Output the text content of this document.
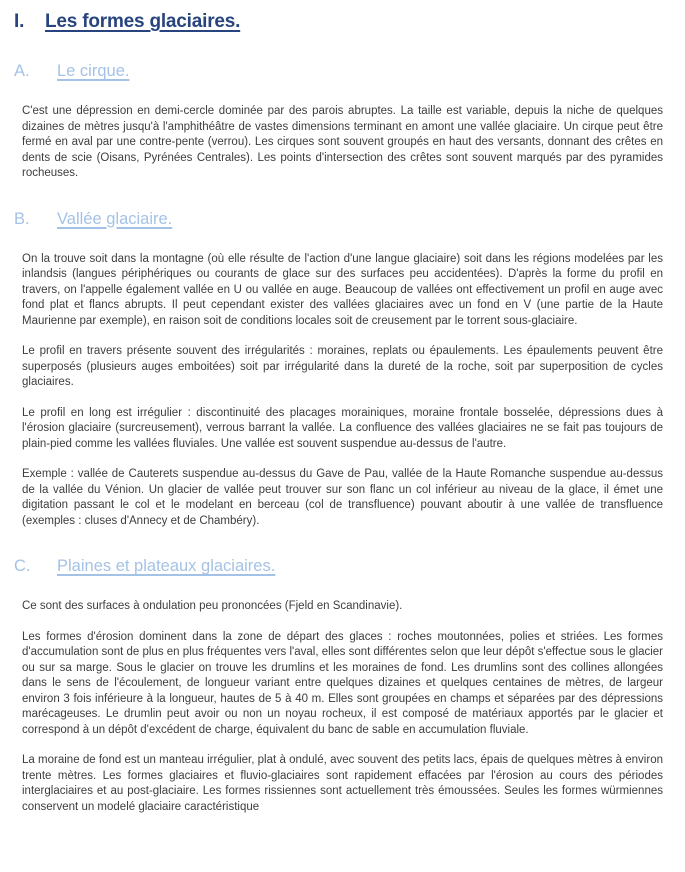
I. Les formes glaciaires.
A. Le cirque.

C'est une dépression en demi-cercle dominée par des parois abruptes. La taille est variable, depuis la niche de quelques dizaines de mètres jusqu'à l'amphithéâtre de vastes dimensions terminant en amont une vallée glaciaire. Un cirque peut être fermé en aval par une contre-pente (verrou). Les cirques sont souvent groupés en haut des versants, donnant des crêtes en dents de scie (Oisans, Pyrénées Centrales). Les points d'intersection des crêtes sont souvent marqués par des pyramides rocheuses.

B. Vallée glaciaire.

On la trouve soit dans la montagne (où elle résulte de l'action d'une langue glaciaire) soit dans les régions modelées par les inlandsis (langues périphériques ou courants de glace sur des surfaces peu accidentées). D'après la forme du profil en travers, on l'appelle également vallée en U ou vallée en auge. Beaucoup de vallées ont effectivement un profil en auge avec fond plat et flancs abrupts. Il peut cependant exister des vallées glaciaires avec un fond en V (une partie de la Haute Maurienne par exemple), en raison soit de conditions locales soit de creusement par le torrent sous-glaciaire.

Le profil en travers présente souvent des irrégularités : moraines, replats ou épaulements. Les épaulements peuvent être superposés (plusieurs auges emboitées) soit par irrégularité dans la dureté de la roche, soit par superposition de cycles glaciaires.

Le profil en long est irrégulier : discontinuité des placages morainiques, moraine frontale bosselée, dépressions dues à l'érosion glaciaire (surcreusement), verrous barrant la vallée. La confluence des vallées glaciaires ne se fait pas toujours de plain-pied comme les vallées fluviales. Une vallée est souvent suspendue au-dessus de l'autre.

Exemple : vallée de Cauterets suspendue au-dessus du Gave de Pau, vallée de la Haute Romanche suspendue au-dessus de la vallée du Vénion. Un glacier de vallée peut trouver sur son flanc un col inférieur au niveau de la glace, il émet une digitation passant le col et le modelant en berceau (col de transfluence) pouvant aboutir à une vallée de transfluence (exemples : cluses d'Annecy et de Chambéry).

C. Plaines et plateaux glaciaires.

Ce sont des surfaces à ondulation peu prononcées (Fjeld en Scandinavie).

Les formes d'érosion dominent dans la zone de départ des glaces : roches moutonnées, polies et striées. Les formes d'accumulation sont de plus en plus fréquentes vers l'aval, elles sont différentes selon que leur dépôt s'effectue sous le glacier ou sur sa marge. Sous le glacier on trouve les drumlins et les moraines de fond. Les drumlins sont des collines allongées dans le sens de l'écoulement, de longueur variant entre quelques dizaines et quelques centaines de mètres, de largeur environ 3 fois inférieure à la longueur, hautes de 5 à 40 m. Elles sont groupées en champs et séparées par des dépressions marécageuses. Le drumlin peut avoir ou non un noyau rocheux, il est composé de matériaux apportés par le glacier et correspond à un dépôt d'excédent de charge, équivalent du banc de sable en accumulation fluviale.

La moraine de fond est un manteau irrégulier, plat à ondulé, avec souvent des petits lacs, épais de quelques mètres à environ trente mètres. Les formes glaciaires et fluvio-glaciaires sont rapidement effacées par l'érosion au cours des périodes interglaciaires et au post-glaciaire. Les formes rissiennes sont actuellement très émoussées. Seules les formes würmiennes conservent un modelé glaciaire caractéristique
